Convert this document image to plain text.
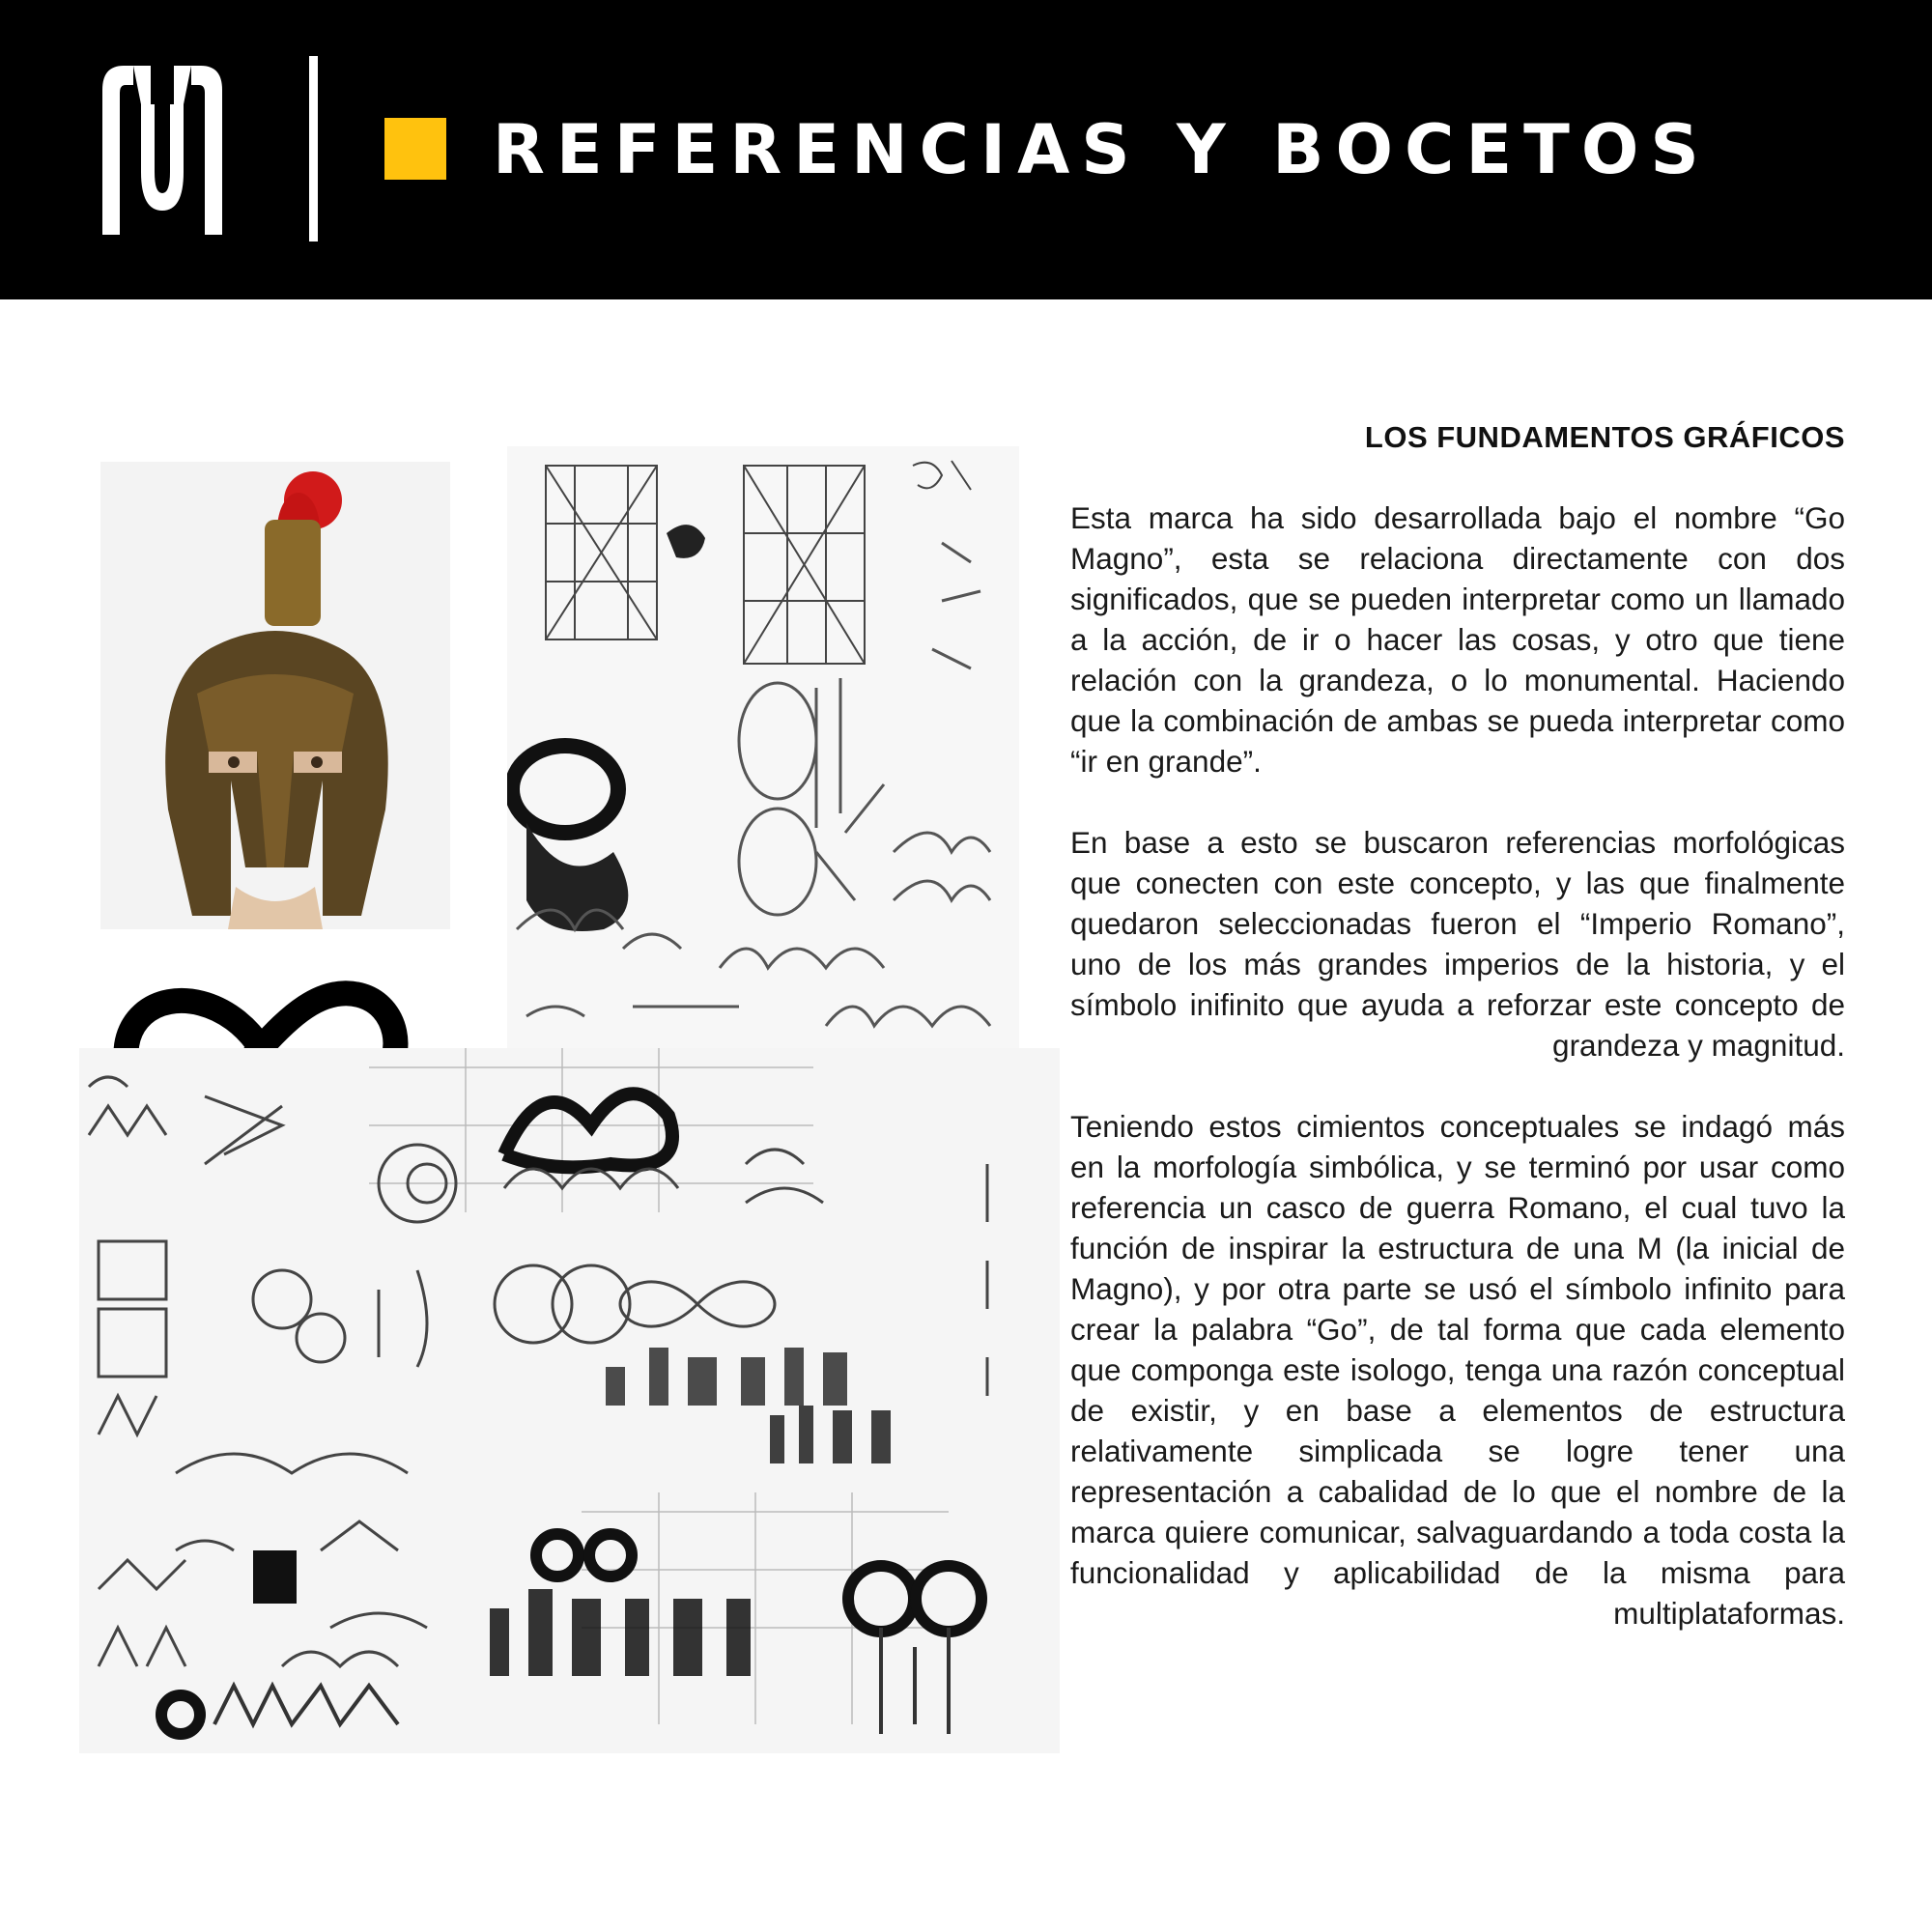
REFERENCIAS Y BOCETOS
LOS FUNDAMENTOS GRÁFICOS

Esta marca ha sido desarrollada bajo el nombre “Go Magno”, esta se relaciona directamente con dos significados, que se pueden interpretar como un llamado a la acción, de ir o hacer las cosas, y otro que tiene relación con la grandeza, o lo monumental. Haciendo que la combinación de ambas se pueda interpretar como “ir en grande”.

En base a esto se buscaron referencias morfológicas que conecten con este concepto, y las que finalmente quedaron seleccionadas fueron el “Imperio Romano”, uno de los más grandes imperios de la historia, y el símbolo inifinito que ayuda a reforzar este concepto de grandeza y magnitud.

Teniendo estos cimientos conceptuales se indagó más en la morfología simbólica, y se terminó por usar como referencia un casco de guerra Romano, el cual tuvo la función de inspirar la estructura de una M (la inicial de Magno), y por otra parte se usó el símbolo infinito para crear la palabra “Go”, de tal forma que cada elemento que componga este isologo, tenga una razón conceptual de existir, y en base a elementos de estructura relativamente simplicada se logre tener una representación a cabalidad de lo que el nombre de la marca quiere comunicar, salvaguardando a toda costa la funcionalidad y aplicabilidad de la misma para multiplataformas.
